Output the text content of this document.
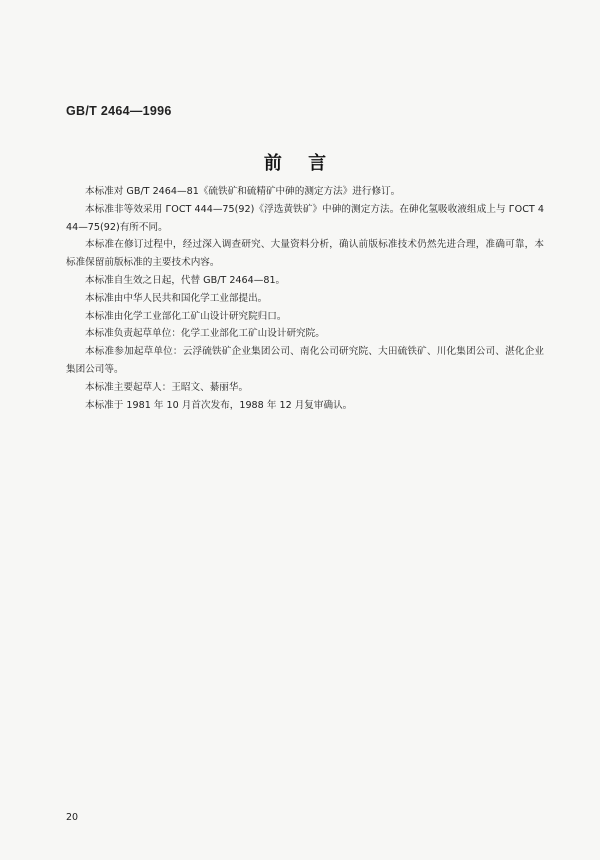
GB/T 2464—1996
前 言

本标准对 GB/T 2464—81《硫铁矿和硫精矿中砷的测定方法》进行修订。

本标准非等效采用 ГОСТ 444—75(92)《浮选黄铁矿》中砷的测定方法。在砷化氢吸收液组成上与 ГОСТ 444—75(92)有所不同。

本标准在修订过程中，经过深入调查研究、大量资料分析，确认前版标准技术仍然先进合理，准确可靠，本标准保留前版标准的主要技术内容。

本标准自生效之日起，代替 GB/T 2464—81。

本标准由中华人民共和国化学工业部提出。

本标准由化学工业部化工矿山设计研究院归口。

本标准负责起草单位：化学工业部化工矿山设计研究院。

本标准参加起草单位：云浮硫铁矿企业集团公司、南化公司研究院、大田硫铁矿、川化集团公司、湛化企业集团公司等。

本标准主要起草人：王昭文、綦丽华。

本标准于 1981 年 10 月首次发布，1988 年 12 月复审确认。

20
